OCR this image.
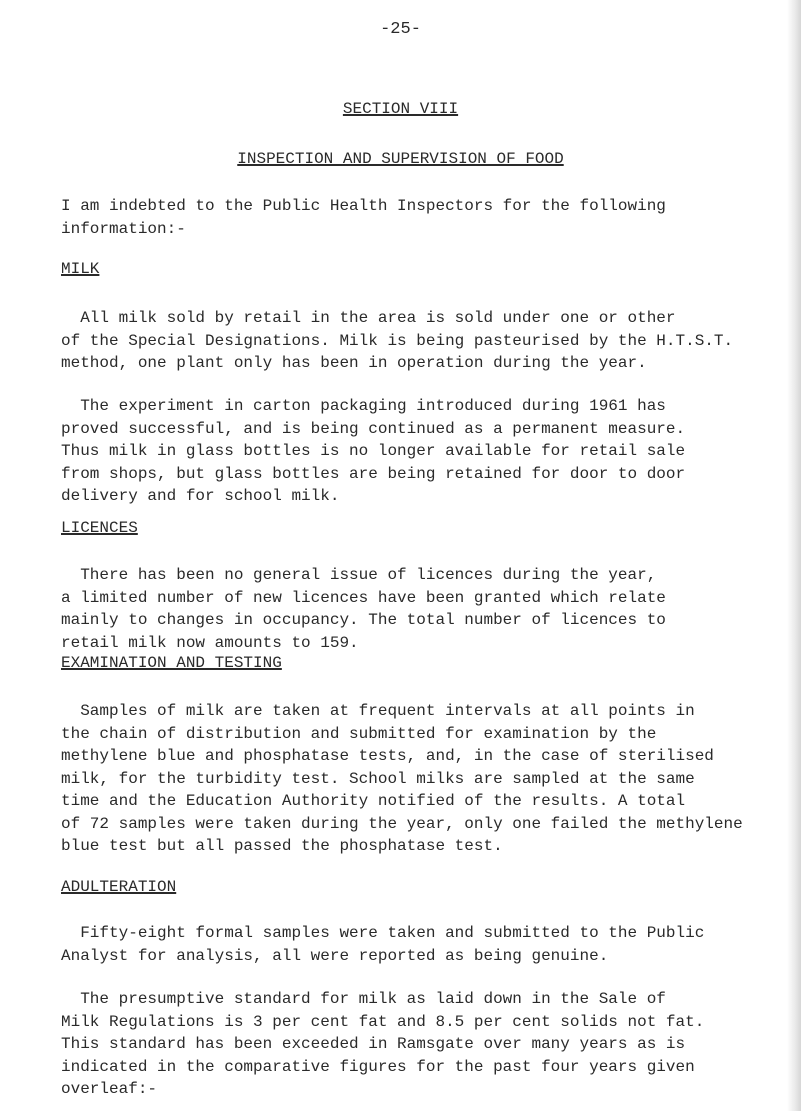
-25-
SECTION VIII
INSPECTION AND SUPERVISION OF FOOD

I am indebted to the Public Health Inspectors for the following
information:-

MILK

All milk sold by retail in the area is sold under one or other
of the Special Designations. Milk is being pasteurised by the H.T.S.T.
method, one plant only has been in operation during the year.

The experiment in carton packaging introduced during 1961 has
proved successful, and is being continued as a permanent measure.
Thus milk in glass bottles is no longer available for retail sale
from shops, but glass bottles are being retained for door to door
delivery and for school milk.

LICENCES

There has been no general issue of licences during the year,
a limited number of new licences have been granted which relate
mainly to changes in occupancy. The total number of licences to
retail milk now amounts to 159.

EXAMINATION AND TESTING

Samples of milk are taken at frequent intervals at all points in
the chain of distribution and submitted for examination by the
methylene blue and phosphatase tests, and, in the case of sterilised
milk, for the turbidity test. School milks are sampled at the same
time and the Education Authority notified of the results. A total
of 72 samples were taken during the year, only one failed the methylene
blue test but all passed the phosphatase test.

ADULTERATION

Fifty-eight formal samples were taken and submitted to the Public
Analyst for analysis, all were reported as being genuine.

The presumptive standard for milk as laid down in the Sale of
Milk Regulations is 3 per cent fat and 8.5 per cent solids not fat.
This standard has been exceeded in Ramsgate over many years as is
indicated in the comparative figures for the past four years given
overleaf:-
